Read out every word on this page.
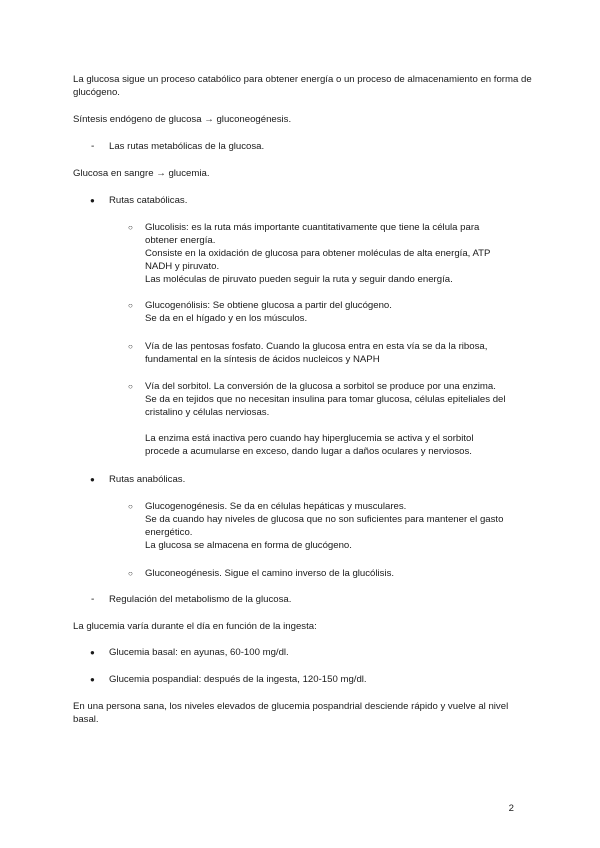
La glucosa sigue un proceso catabólico para obtener energía o un proceso de almacenamiento en forma de glucógeno.
Síntesis endógeno de glucosa → gluconeogénesis.
- Las rutas metabólicas de la glucosa.
Glucosa en sangre → glucemia.
● Rutas catabólicas.
○ Glucolisis: es la ruta más importante cuantitativamente que tiene la célula para
obtener energía.
Consiste en la oxidación de glucosa para obtener moléculas de alta energía, ATP
NADH y piruvato.
Las moléculas de piruvato pueden seguir la ruta y seguir dando energía.
○ Glucogenólisis: Se obtiene glucosa a partir del glucógeno.
Se da en el hígado y en los músculos.
○ Vía de las pentosas fosfato. Cuando la glucosa entra en esta vía se da la ribosa,
fundamental en la síntesis de ácidos nucleicos y NAPH
○ Vía del sorbitol. La conversión de la glucosa a sorbitol se produce por una enzima.
Se da en tejidos que no necesitan insulina para tomar glucosa, células epiteliales del
cristalino y células nerviosas.
La enzima está inactiva pero cuando hay hiperglucemia se activa y el sorbitol
procede a acumularse en exceso, dando lugar a daños oculares y nerviosos.
● Rutas anabólicas.
○ Glucogenogénesis. Se da en células hepáticas y musculares.
Se da cuando hay niveles de glucosa que no son suficientes para mantener el gasto
energético.
La glucosa se almacena en forma de glucógeno.
○ Gluconeogénesis. Sigue el camino inverso de la glucólisis.
- Regulación del metabolismo de la glucosa.
La glucemia varía durante el día en función de la ingesta:
● Glucemia basal: en ayunas, 60-100 mg/dl.
● Glucemia pospandial: después de la ingesta, 120-150 mg/dl.
En una persona sana, los niveles elevados de glucemia pospandrial desciende rápido y vuelve al nivel basal.
2
